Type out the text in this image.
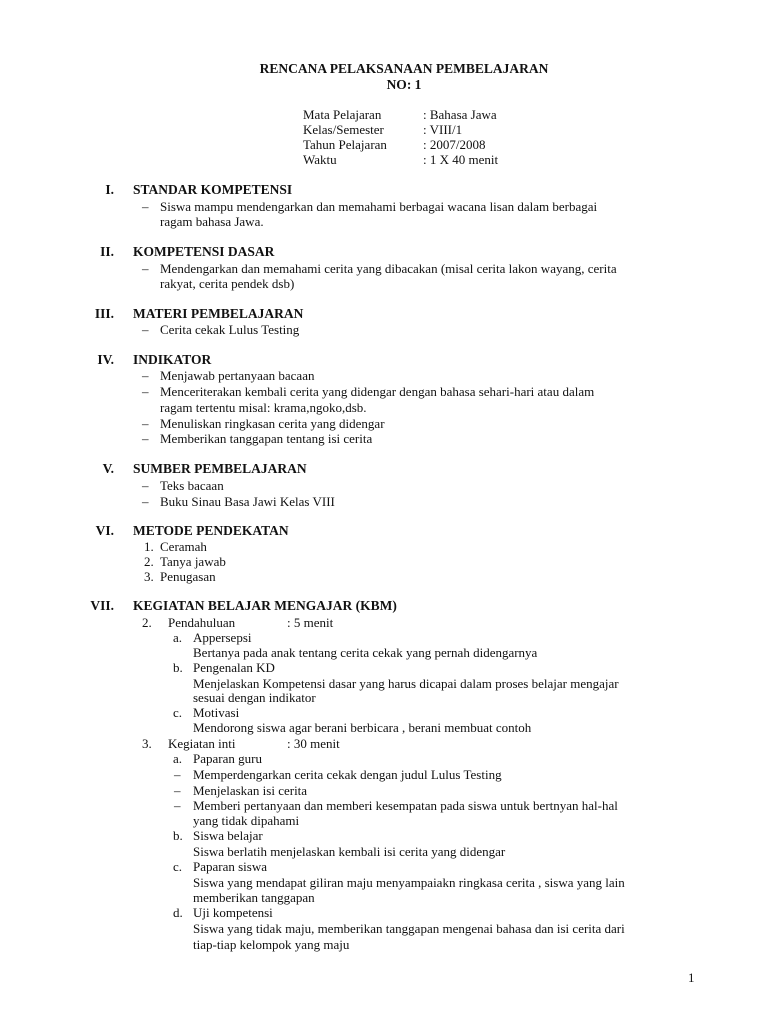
RENCANA PELAKSANAAN PEMBELAJARAN
NO: 1
Mata Pelajaran	: Bahasa Jawa
Kelas/Semester	: VIII/1
Tahun Pelajaran	: 2007/2008
Waktu	: 1 X 40 menit
I. STANDAR KOMPETENSI
– Siswa mampu mendengarkan dan memahami berbagai wacana lisan dalam berbagai
ragam bahasa Jawa.
II. KOMPETENSI DASAR
– Mendengarkan dan memahami cerita yang dibacakan (misal cerita lakon wayang, cerita
rakyat, cerita pendek dsb)
III. MATERI PEMBELAJARAN
– Cerita cekak Lulus Testing
IV. INDIKATOR
– Menjawab pertanyaan bacaan
– Menceriterakan kembali cerita yang didengar dengan bahasa sehari-hari atau dalam
ragam tertentu misal: krama,ngoko,dsb.
– Menuliskan ringkasan cerita yang didengar
– Memberikan tanggapan tentang isi cerita
V. SUMBER PEMBELAJARAN
– Teks bacaan
– Buku Sinau Basa Jawi Kelas VIII
VI. METODE PENDEKATAN
1. Ceramah
2. Tanya jawab
3. Penugasan
VII. KEGIATAN BELAJAR MENGAJAR (KBM)
2. Pendahuluan	: 5 menit
a. Appersepsi
Bertanya pada anak tentang cerita cekak yang pernah didengarnya
b. Pengenalan KD
Menjelaskan Kompetensi dasar yang harus dicapai dalam proses belajar mengajar
sesuai dengan indikator
c. Motivasi
Mendorong siswa agar berani berbicara , berani membuat contoh
3. Kegiatan inti	: 30 menit
a. Paparan guru
– Memperdengarkan cerita cekak dengan judul Lulus Testing
– Menjelaskan isi cerita
– Memberi pertanyaan dan memberi kesempatan pada siswa untuk bertnyan hal-hal
yang tidak dipahami
b. Siswa belajar
Siswa berlatih menjelaskan kembali isi cerita yang didengar
c. Paparan siswa
Siswa yang mendapat giliran maju menyampaiakn ringkasa cerita , siswa yang lain
memberikan tanggapan
d. Uji kompetensi
Siswa yang tidak maju, memberikan tanggapan mengenai bahasa dan isi cerita dari
tiap-tiap kelompok yang maju
1
